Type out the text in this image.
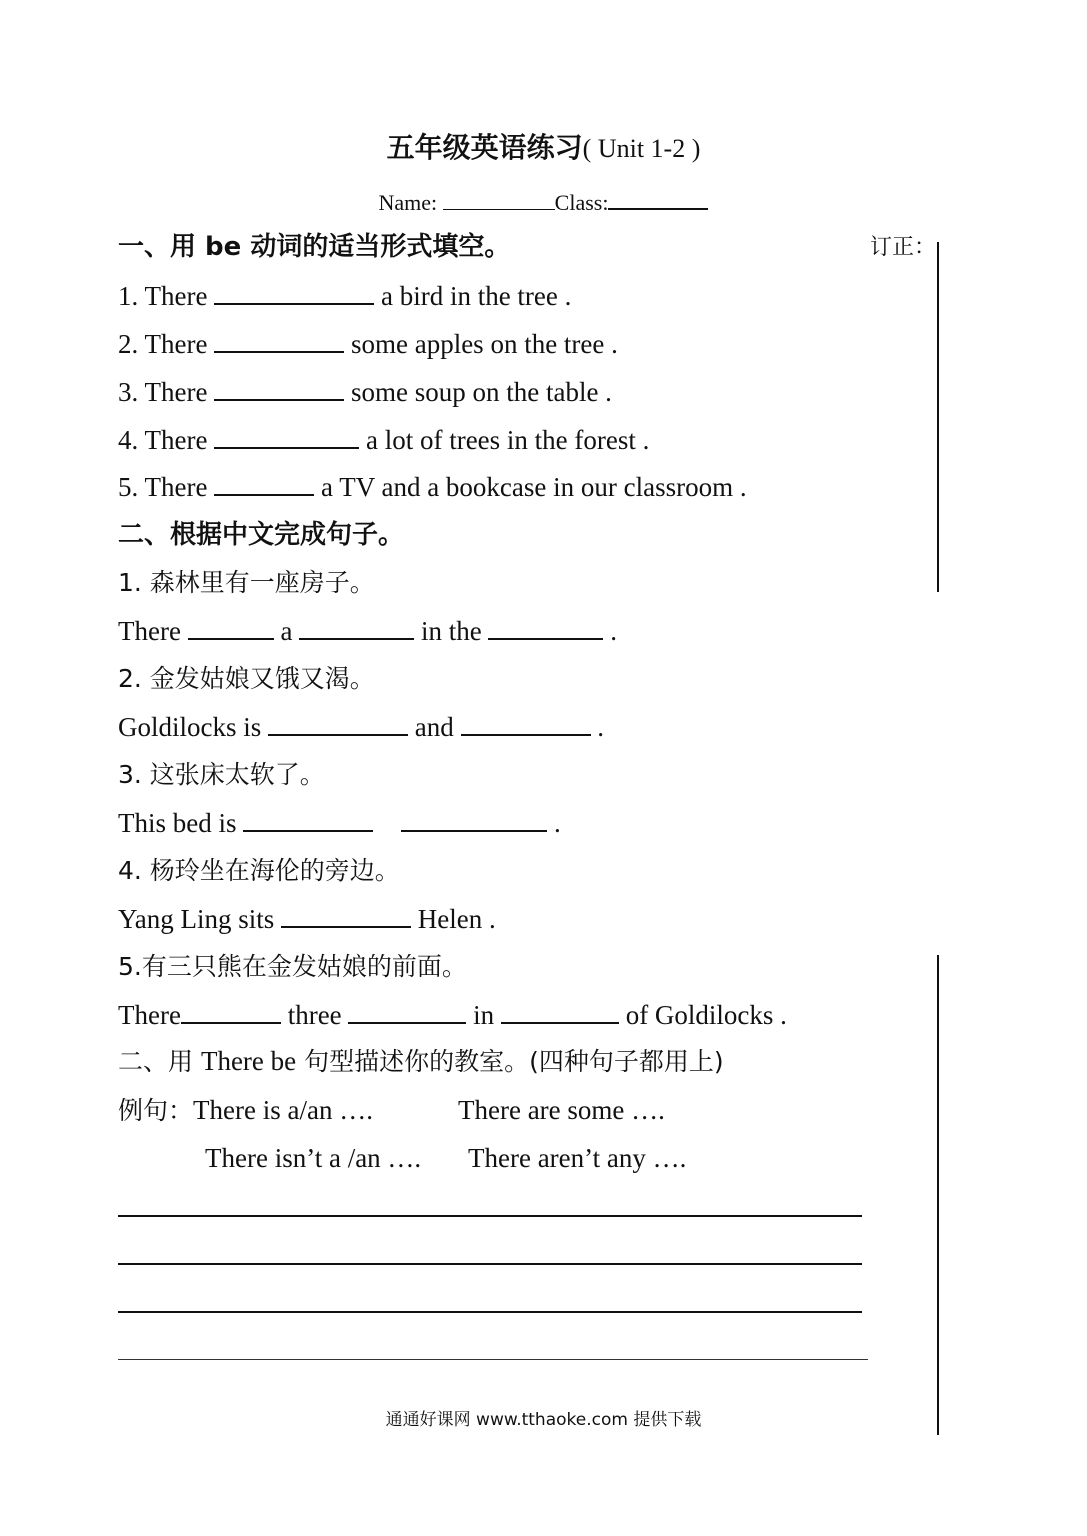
五年级英语练习( Unit 1-2 )
Name:	Class:
订正：
一、用 be 动词的适当形式填空。
1. There	a bird in the tree .
2. There	some apples on the tree .
3. There	some soup on the table .
4. There	a lot of trees in the forest .
5. There	a TV and a bookcase in our classroom .
二、根据中文完成句子。
1. 森林里有一座房子。
There	a	in the	.
2. 金发姑娘又饿又渴。
Goldilocks is	and	.
3. 这张床太软了。
This bed is	.
4. 杨玲坐在海伦的旁边。
Yang Ling sits	Helen .
5.有三只熊在金发姑娘的前面。
There	three	in	of Goldilocks .
二、用 There be 句型描述你的教室。(四种句子都用上)
例句：There is a/an ….	There are some ….
There isn’t a /an …. There aren’t any ….
通通好课网 www.tthaoke.com 提供下载
